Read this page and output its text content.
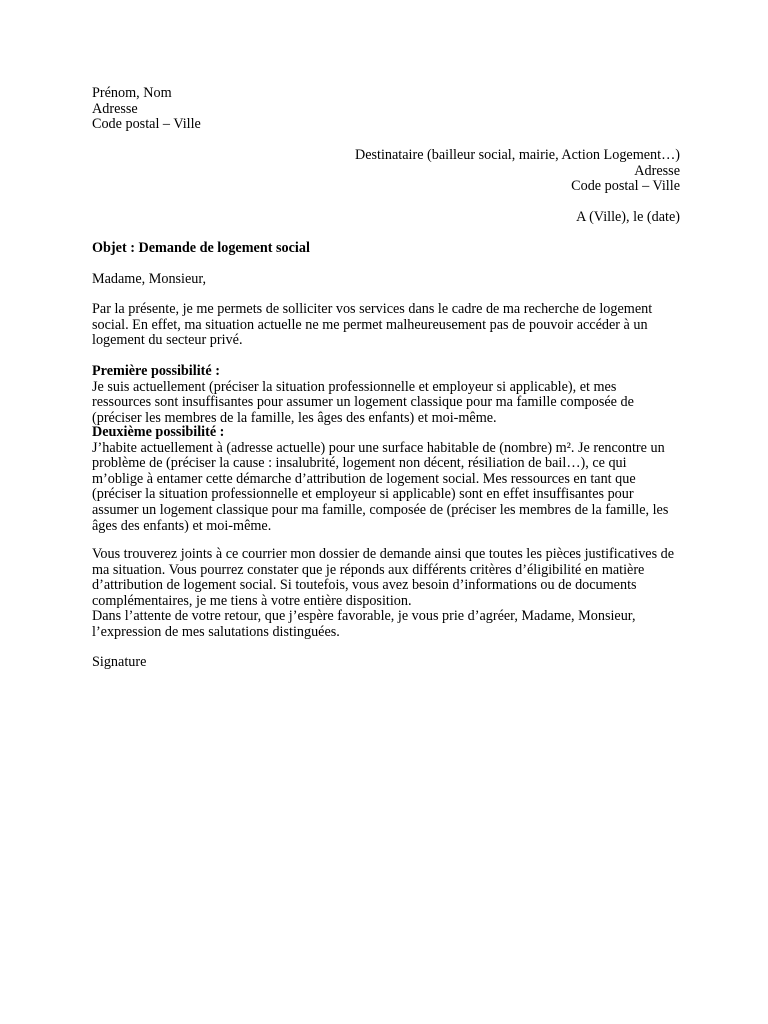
Prénom, Nom
Adresse
Code postal – Ville
Destinataire (bailleur social, mairie, Action Logement…)
Adresse
Code postal – Ville
A (Ville), le (date)
Objet : Demande de logement social
Madame, Monsieur,
Par la présente, je me permets de solliciter vos services dans le cadre de ma recherche de logement
social. En effet, ma situation actuelle ne me permet malheureusement pas de pouvoir accéder à un
logement du secteur privé.
Première possibilité :
Je suis actuellement (préciser la situation professionnelle et employeur si applicable), et mes
ressources sont insuffisantes pour assumer un logement classique pour ma famille composée de
(préciser les membres de la famille, les âges des enfants) et moi-même.
Deuxième possibilité :
J’habite actuellement à (adresse actuelle) pour une surface habitable de (nombre) m². Je rencontre un
problème de (préciser la cause : insalubrité, logement non décent, résiliation de bail…), ce qui
m’oblige à entamer cette démarche d’attribution de logement social. Mes ressources en tant que
(préciser la situation professionnelle et employeur si applicable) sont en effet insuffisantes pour
assumer un logement classique pour ma famille, composée de (préciser les membres de la famille, les
âges des enfants) et moi-même.
Vous trouverez joints à ce courrier mon dossier de demande ainsi que toutes les pièces justificatives de
ma situation. Vous pourrez constater que je réponds aux différents critères d’éligibilité en matière
d’attribution de logement social. Si toutefois, vous avez besoin d’informations ou de documents
complémentaires, je me tiens à votre entière disposition.
Dans l’attente de votre retour, que j’espère favorable, je vous prie d’agréer, Madame, Monsieur,
l’expression de mes salutations distinguées.
Signature
